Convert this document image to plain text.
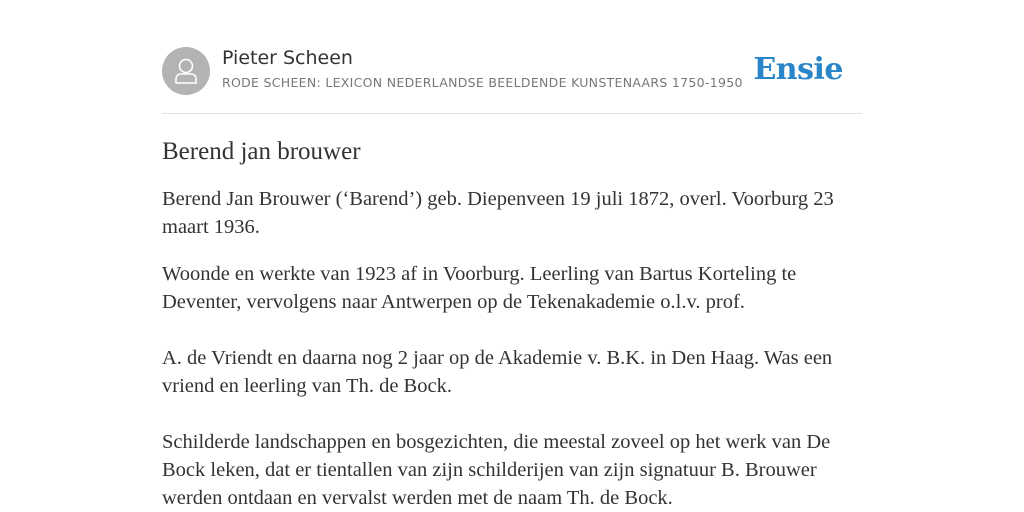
Pieter Scheen
RODE SCHEEN: LEXICON NEDERLANDSE BEELDENDE KUNSTENAARS 1750-1950 Ensie
Berend jan brouwer

Berend Jan Brouwer (‘Barend’) geb. Diepenveen 19 juli 1872, overl. Voorburg 23 maart 1936.

Woonde en werkte van 1923 af in Voorburg. Leerling van Bartus Korteling te Deventer, vervolgens naar Antwerpen op de Tekenakademie o.l.v. prof.

A. de Vriendt en daarna nog 2 jaar op de Akademie v. B.K. in Den Haag. Was een vriend en leerling van Th. de Bock.

Schilderde landschappen en bosgezichten, die meestal zoveel op het werk van De Bock leken, dat er tientallen van zijn schilderijen van zijn signatuur B. Brouwer werden ontdaan en vervalst werden met de naam Th. de Bock.
